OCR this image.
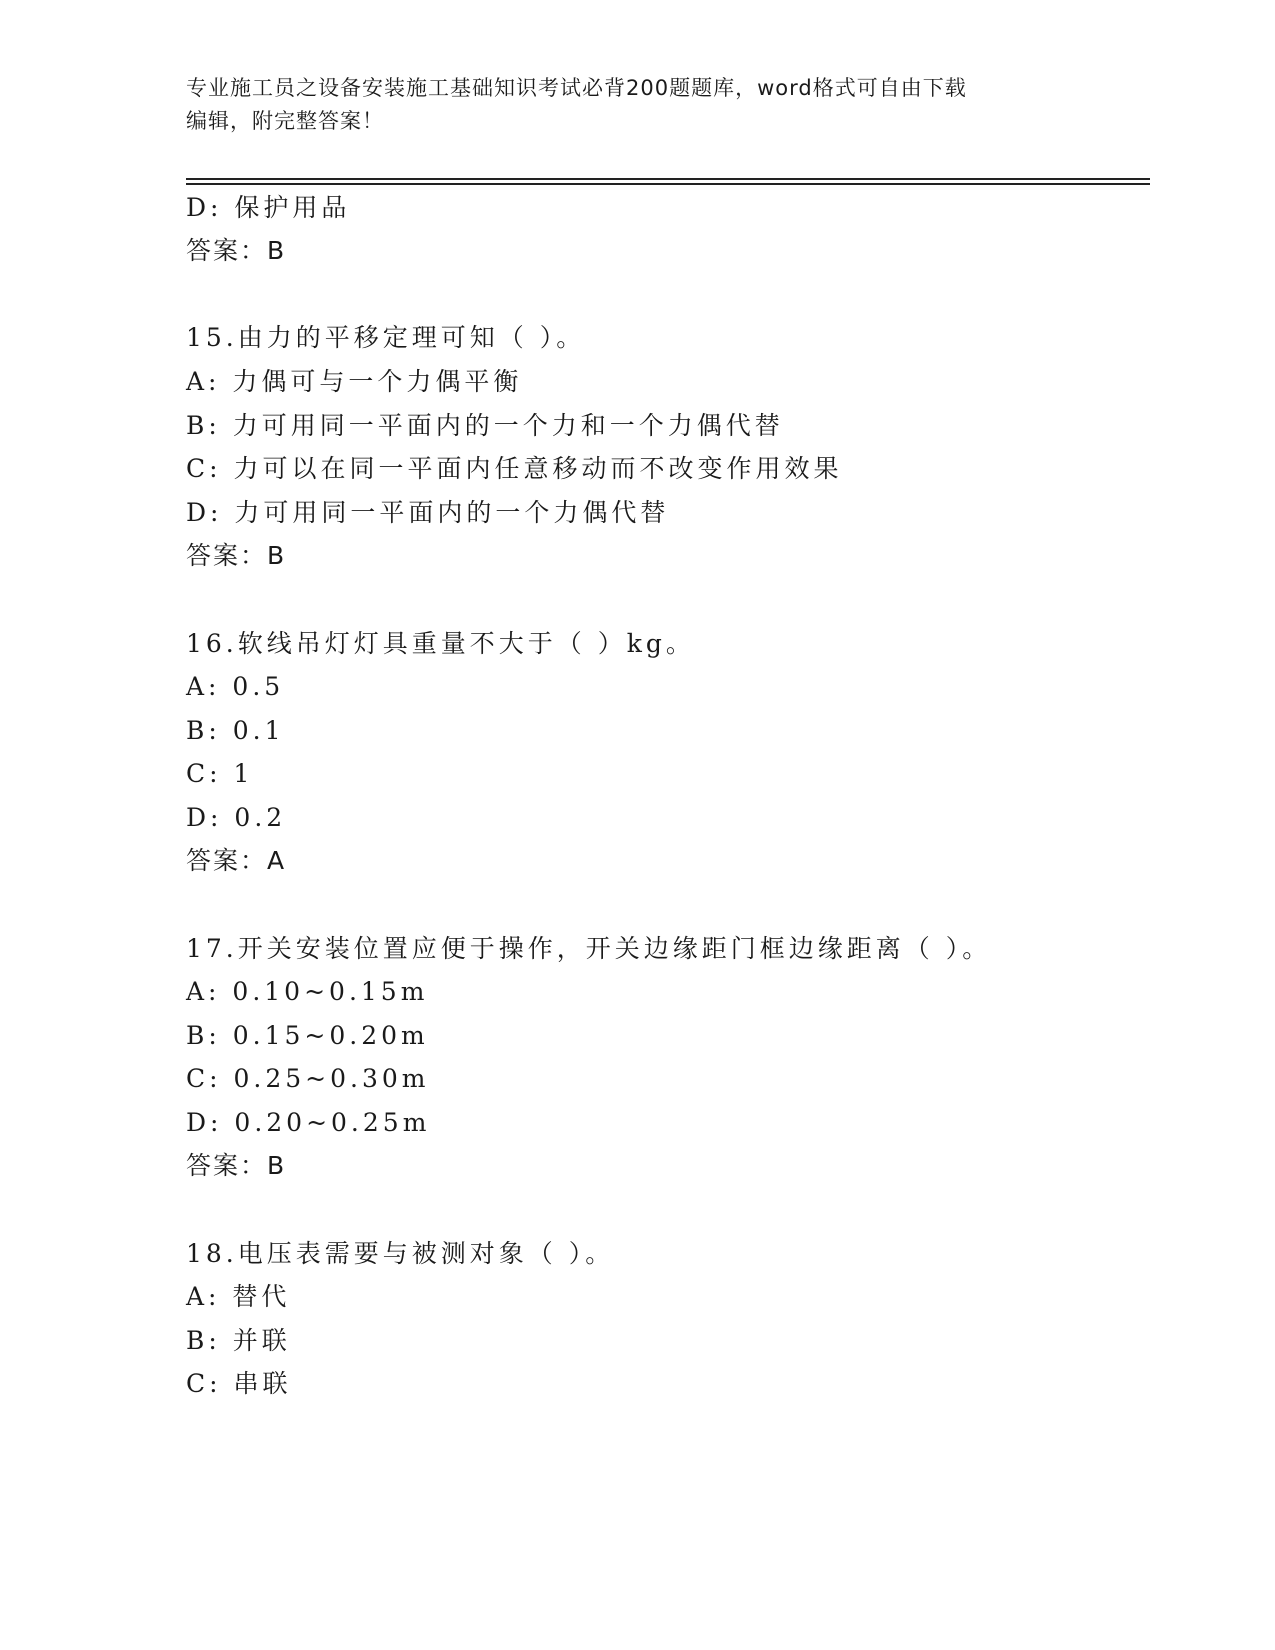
专业施工员之设备安装施工基础知识考试必背200题题库，word格式可自由下载
编辑，附完整答案！
D: 保护用品
答案：B
15.由力的平移定理可知（ ）。
A: 力偶可与一个力偶平衡
B: 力可用同一平面内的一个力和一个力偶代替
C: 力可以在同一平面内任意移动而不改变作用效果
D: 力可用同一平面内的一个力偶代替
答案：B
16.软线吊灯灯具重量不大于（ ）kg。
A: 0.5
B: 0.1
C: 1
D: 0.2
答案：A
17.开关安装位置应便于操作，开关边缘距门框边缘距离（ ）。
A: 0.10~0.15m
B: 0.15~0.20m
C: 0.25~0.30m
D: 0.20~0.25m
答案：B
18.电压表需要与被测对象（ ）。
A: 替代
B: 并联
C: 串联
